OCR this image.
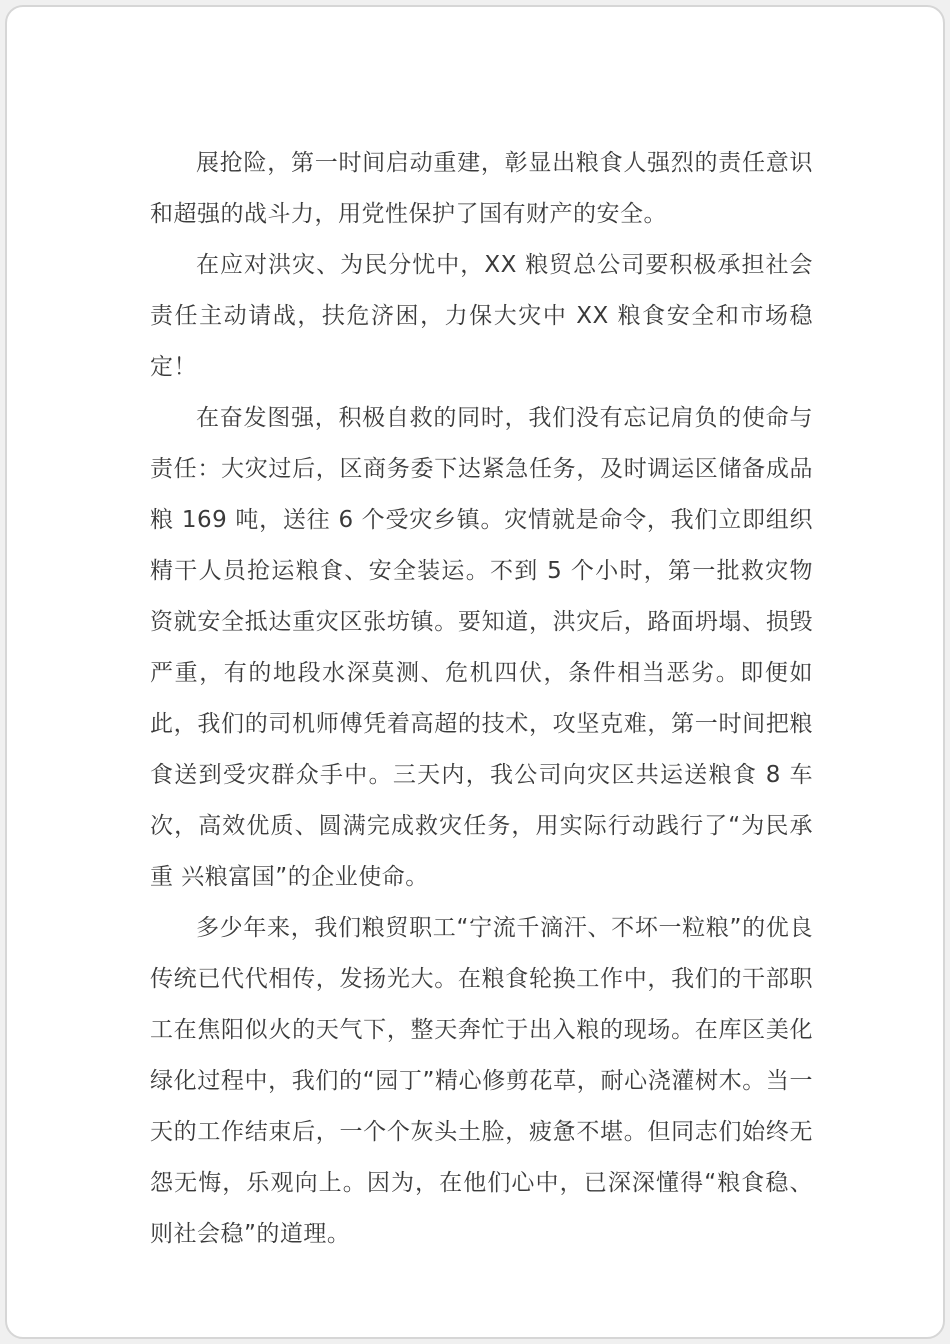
展抢险，第一时间启动重建，彰显出粮食人强烈的责任意识和超强的战斗力，用党性保护了国有财产的安全。

在应对洪灾、为民分忧中，XX 粮贸总公司要积极承担社会责任主动请战，扶危济困，力保大灾中 XX 粮食安全和市场稳定！

在奋发图强，积极自救的同时，我们没有忘记肩负的使命与责任：大灾过后，区商务委下达紧急任务，及时调运区储备成品粮 169 吨，送往 6 个受灾乡镇。灾情就是命令，我们立即组织精干人员抢运粮食、安全装运。不到 5 个小时，第一批救灾物资就安全抵达重灾区张坊镇。要知道，洪灾后，路面坍塌、损毁严重，有的地段水深莫测、危机四伏，条件相当恶劣。即便如此，我们的司机师傅凭着高超的技术，攻坚克难，第一时间把粮食送到受灾群众手中。三天内，我公司向灾区共运送粮食 8 车次，高效优质、圆满完成救灾任务，用实际行动践行了“为民承重 兴粮富国”的企业使命。

多少年来，我们粮贸职工“宁流千滴汗、不坏一粒粮”的优良传统已代代相传，发扬光大。在粮食轮换工作中，我们的干部职工在焦阳似火的天气下，整天奔忙于出入粮的现场。在库区美化绿化过程中，我们的“园丁”精心修剪花草，耐心浇灌树木。当一天的工作结束后，一个个灰头土脸，疲惫不堪。但同志们始终无怨无悔，乐观向上。因为，在他们心中，已深深懂得“粮食稳、则社会稳”的道理。
